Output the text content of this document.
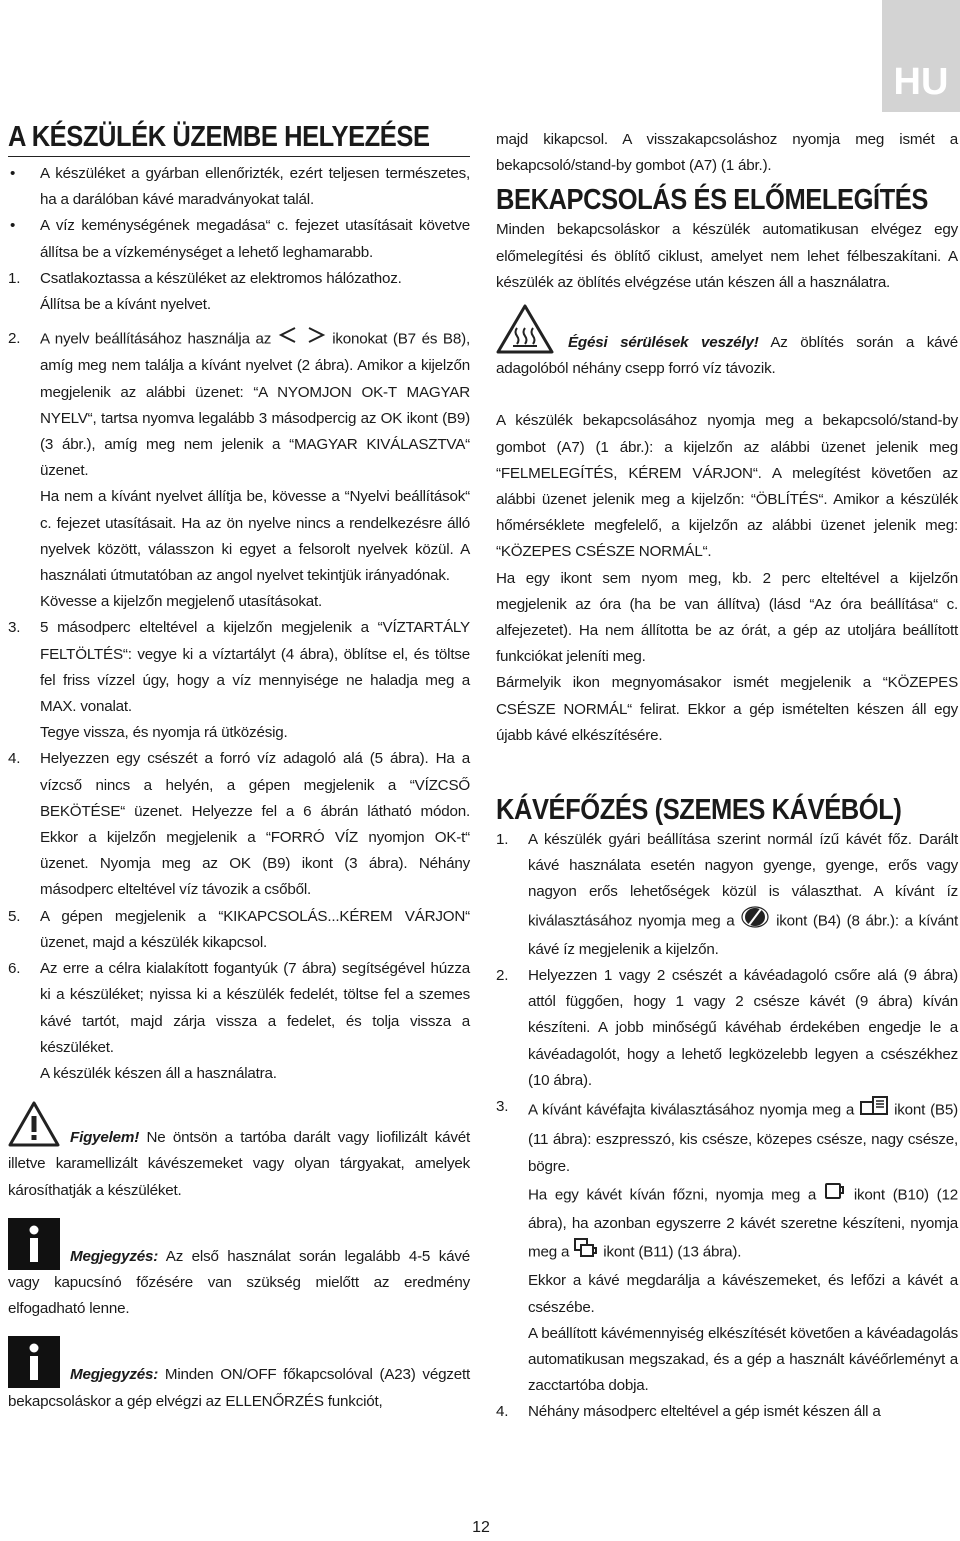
HU
A KÉSZÜLÉK ÜZEMBE HELYEZÉSE
•	A készüléket a gyárban ellenőrizték, ezért teljesen természetes, ha a darálóban kávé maradványokat talál.
•	A víz keménységének megadása“ c. fejezet utasításait követve állítsa be a vízkeménységet a lehető leghamarabb.
1.	Csatlakoztassa a készüléket az elektromos hálózathoz.
Állítsa be a kívánt nyelvet.
2.	A nyelv beállításához használja az	ikonokat (B7 és B8), amíg meg nem találja a kívánt nyelvet (2 ábra). Amikor a kijelzőn megjelenik az alábbi üzenet: “A NYOMJON OK-T MAGYAR NYELV“, tartsa nyomva legalább 3 másodpercig az OK ikont (B9) (3 ábr.), amíg meg nem jelenik a “MAGYAR KIVÁLASZTVA“ üzenet.
Ha nem a kívánt nyelvet állítja be, kövesse a “Nyelvi beállítások“ c. fejezet utasításait. Ha az ön nyelve nincs a rendelkezésre álló nyelvek között, válasszon ki egyet a felsorolt nyelvek közül. A használati útmutatóban az angol nyelvet tekintjük irányadónak.
Kövesse a kijelzőn megjelenő utasításokat.
3.	5 másodperc elteltével a kijelzőn megjelenik a “VÍZTARTÁLY FELTÖLTÉS“: vegye ki a víztartályt (4 ábra), öblítse el, és töltse fel friss vízzel úgy, hogy a víz mennyisége ne haladja meg a MAX. vonalat.
Tegye vissza, és nyomja rá ütközésig.
4.	Helyezzen egy csészét a forró víz adagoló alá (5 ábra). Ha a vízcső nincs a helyén, a gépen megjelenik a “VÍZCSŐ BEKÖTÉSE“ üzenet. Helyezze fel a 6 ábrán látható módon. Ekkor a kijelzőn megjelenik a “FORRÓ VÍZ nyomjon OK-t“ üzenet. Nyomja meg az OK (B9) ikont (3 ábra). Néhány másodperc elteltével víz távozik a csőből.
5.	A gépen megjelenik a “KIKAPCSOLÁS...KÉREM VÁRJON“ üzenet, majd a készülék kikapcsol.
6.	Az erre a célra kialakított fogantyúk (7 ábra) segítségével húzza ki a készüléket; nyissa ki a készülék fedelét, töltse fel a szemes kávé tartót, majd zárja vissza a fedelet, és tolja vissza a készüléket.
A készülék készen áll a használatra.

Figyelem! Ne öntsön a tartóba darált vagy liofilizált kávét illetve karamellizált kávészemeket vagy olyan tárgyakat, amelyek károsíthatják a készüléket.

Megjegyzés: Az első használat során legalább 4-5 kávé vagy kapucsínó főzésére van szükség mielőtt az eredmény elfogadható lenne.

Megjegyzés: Minden ON/OFF főkapcsolóval (A23) végzett bekapcsoláskor a gép elvégzi az ELLENŐRZÉS funkciót,

majd kikapcsol. A visszakapcsoláshoz nyomja meg ismét a bekapcsoló/stand-by gombot (A7) (1 ábr.).

BEKAPCSOLÁS ÉS ELŐMELEGÍTÉS

Minden bekapcsoláskor a készülék automatikusan elvégez egy előmelegítési és öblítő ciklust, amelyet nem lehet félbeszakítani. A készülék az öblítés elvégzése után készen áll a használatra.

Égési sérülések veszély! Az öblítés során a kávé adagolóból néhány csepp forró víz távozik.

A készülék bekapcsolásához nyomja meg a bekapcsoló/stand-by gombot (A7) (1 ábr.): a kijelzőn az alábbi üzenet jelenik meg “FELMELEGÍTÉS, KÉREM VÁRJON“. A melegítést követően az alábbi üzenet jelenik meg a kijelzőn: “ÖBLÍTÉS“. Amikor a készülék hőmérséklete megfelelő, a kijelzőn az alábbi üzenet jelenik meg: “KÖZEPES CSÉSZE NORMÁL“.

Ha egy ikont sem nyom meg, kb. 2 perc elteltével a kijelzőn megjelenik az óra (ha be van állítva) (lásd “Az óra beállítása“ c. alfejezetet). Ha nem állította be az órát, a gép az utoljára beállított funkciókat jeleníti meg.

Bármelyik ikon megnyomásakor ismét megjelenik a “KÖZEPES CSÉSZE NORMÁL“ felirat. Ekkor a gép ismételten készen áll egy újabb kávé elkészítésére.

KÁVÉFŐZÉS (SZEMES KÁVÉBÓL)
1.	A készülék gyári beállítása szerint normál ízű kávét főz. Darált kávé használata esetén nagyon gyenge, gyenge, erős vagy nagyon erős lehetőségek közül is választhat. A kívánt íz kiválasztásához nyomja meg a	ikont (B4) (8 ábr.): a kívánt kávé íz megjelenik a kijelzőn.
2.	Helyezzen 1 vagy 2 csészét a kávéadagoló csőre alá (9 ábra) attól függően, hogy 1 vagy 2 csésze kávét (9 ábra) kíván készíteni. A jobb minőségű kávéhab érdekében engedje le a kávéadagolót, hogy a lehető legközelebb legyen a csészékhez (10 ábra).
3.	A kívánt kávéfajta kiválasztásához nyomja meg a	ikont (B5) (11 ábra): eszpresszó, kis csésze, közepes csésze, nagy csésze, bögre.
Ha egy kávét kíván főzni, nyomja meg a ikont (B10) (12 ábra), ha azonban egyszerre 2 kávét szeretne készíteni, nyomja meg a ikont (B11) (13 ábra).
Ekkor a kávé megdarálja a kávészemeket, és lefőzi a kávét a csészébe.
A beállított kávémennyiség elkészítését követően a kávéadagolás automatikusan megszakad, és a gép a használt kávéőrleményt a zacctartóba dobja.
4.	Néhány másodperc elteltével a gép ismét készen áll a
12
